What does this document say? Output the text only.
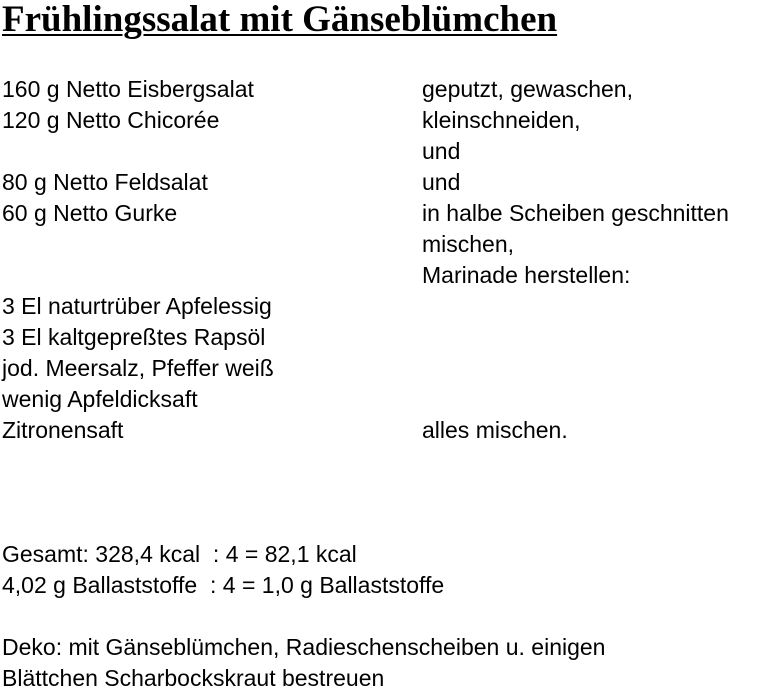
Frühlingssalat mit Gänseblümchen
160 g Netto Eisbergsalat	geputzt, gewaschen,
120 g Netto Chicorée	kleinschneiden,
und
80 g Netto Feldsalat	und
60 g Netto Gurke	in halbe Scheiben geschnitten
mischen,
Marinade herstellen:
3 El naturtrüber Apfelessig
3 El kaltgepreßtes Rapsöl
jod. Meersalz, Pfeffer weiß
wenig Apfeldicksaft
Zitronensaft	alles mischen.
Gesamt: 328,4 kcal  : 4 = 82,1 kcal
4,02 g Ballaststoffe  : 4 = 1,0 g Ballaststoffe
Deko: mit Gänseblümchen, Radieschenscheiben u. einigen
Blättchen Scharbockskraut bestreuen
